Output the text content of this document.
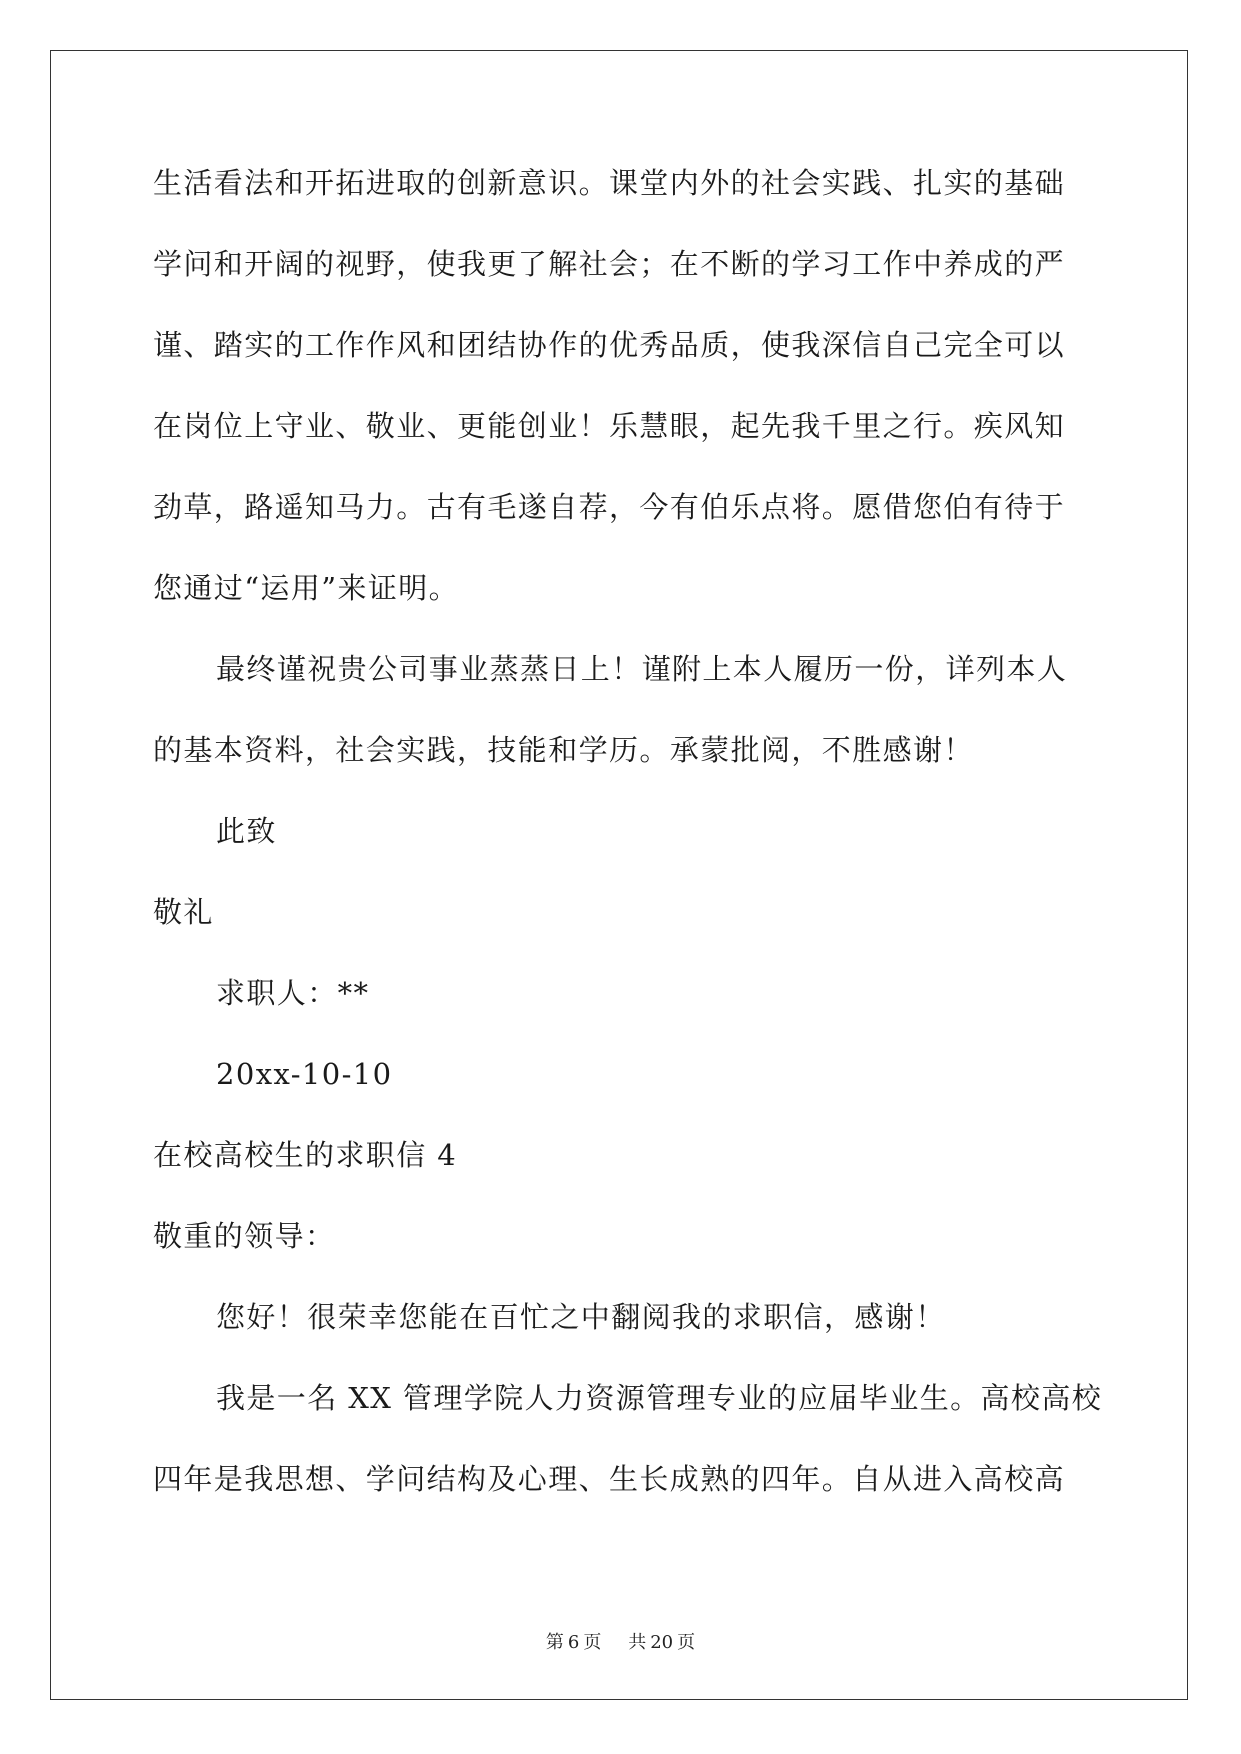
生活看法和开拓进取的创新意识。课堂内外的社会实践、扎实的基础
学问和开阔的视野，使我更了解社会；在不断的学习工作中养成的严
谨、踏实的工作作风和团结协作的优秀品质，使我深信自己完全可以
在岗位上守业、敬业、更能创业！乐慧眼，起先我千里之行。疾风知
劲草，路遥知马力。古有毛遂自荐，今有伯乐点将。愿借您伯有待于
您通过“运用”来证明。
最终谨祝贵公司事业蒸蒸日上！谨附上本人履历一份，详列本人
的基本资料，社会实践，技能和学历。承蒙批阅，不胜感谢！
此致
敬礼
求职人：**
20xx-10-10
在校高校生的求职信 4
敬重的领导：
您好！很荣幸您能在百忙之中翻阅我的求职信，感谢！
我是一名 XX 管理学院人力资源管理专业的应届毕业生。高校高校
四年是我思想、学问结构及心理、生长成熟的四年。自从进入高校高
第 6 页 共 20 页
